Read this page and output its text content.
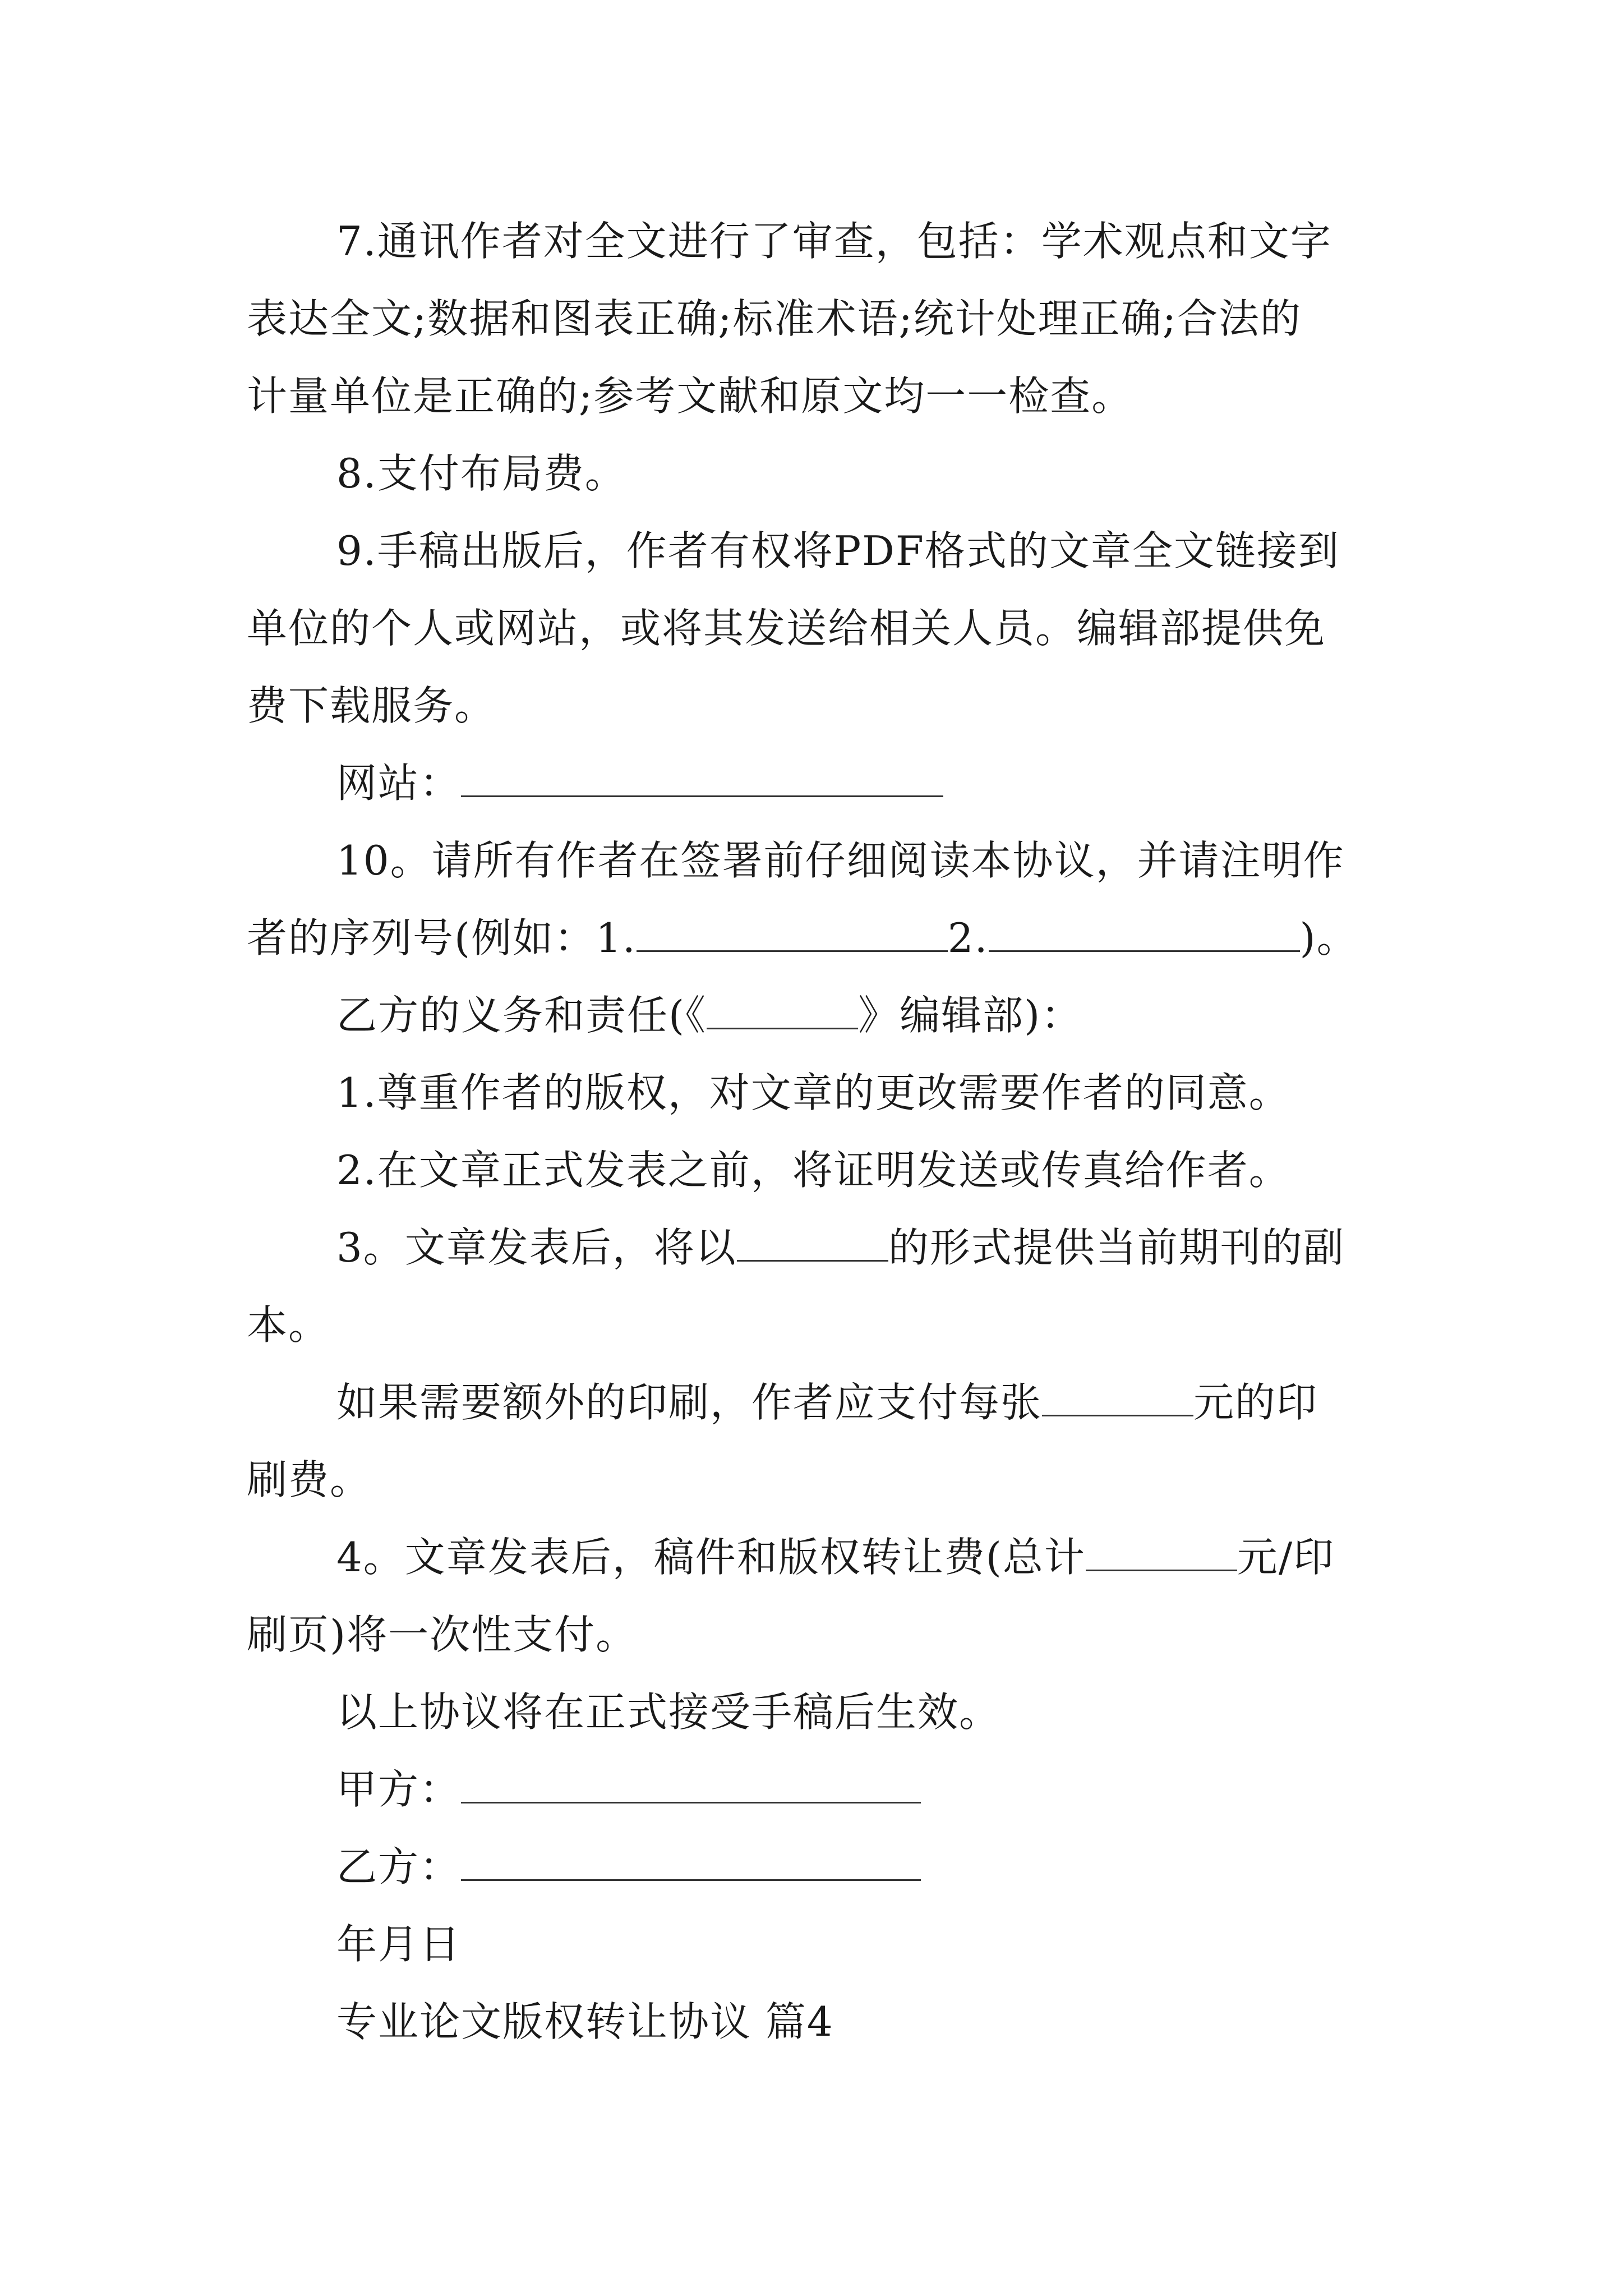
7.通讯作者对全文进行了审查，包括：学术观点和文字
表达全文;数据和图表正确;标准术语;统计处理正确;合法的
计量单位是正确的;参考文献和原文均一一检查。
8.支付布局费。
9.手稿出版后，作者有权将PDF格式的文章全文链接到
单位的个人或网站，或将其发送给相关人员。编辑部提供免
费下载服务。
网站：
10。请所有作者在签署前仔细阅读本协议，并请注明作
者的序列号(例如：1.	2.	)。
乙方的义务和责任(《	》编辑部)：
1.尊重作者的版权，对文章的更改需要作者的同意。
2.在文章正式发表之前，将证明发送或传真给作者。
3。文章发表后，将以	的形式提供当前期刊的副
本。
如果需要额外的印刷，作者应支付每张	元的印
刷费。
4。文章发表后，稿件和版权转让费(总计	元/印
刷页)将一次性支付。
以上协议将在正式接受手稿后生效。
甲方：
乙方：
年月日
专业论文版权转让协议 篇4
